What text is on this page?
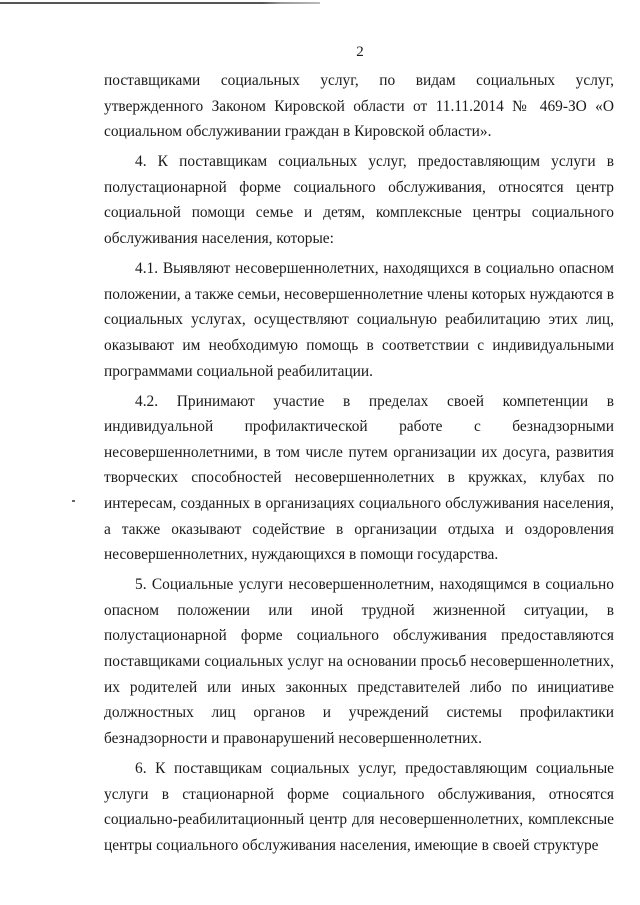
2

поставщиками социальных услуг, по видам социальных услуг, утвержденного Законом Кировской области от 11.11.2014 № 469-ЗО «О социальном обслуживании граждан в Кировской области».

4. К поставщикам социальных услуг, предоставляющим услуги в полустационарной форме социального обслуживания, относятся центр социальной помощи семье и детям, комплексные центры социального обслуживания населения, которые:

4.1. Выявляют несовершеннолетних, находящихся в социально опасном положении, а также семьи, несовершеннолетние члены которых нуждаются в социальных услугах, осуществляют социальную реабилитацию этих лиц, оказывают им необходимую помощь в соответствии с индивидуальными программами социальной реабилитации.

4.2. Принимают участие в пределах своей компетенции в индивидуальной профилактической работе с безнадзорными несовершеннолетними, в том числе путем организации их досуга, развития творческих способностей несовершеннолетних в кружках, клубах по интересам, созданных в организациях социального обслуживания населения, а также оказывают содействие в организации отдыха и оздоровления несовершеннолетних, нуждающихся в помощи государства.

5. Социальные услуги несовершеннолетним, находящимся в социально опасном положении или иной трудной жизненной ситуации, в полустационарной форме социального обслуживания предоставляются поставщиками социальных услуг на основании просьб несовершеннолетних, их родителей или иных законных представителей либо по инициативе должностных лиц органов и учреждений системы профилактики безнадзорности и правонарушений несовершеннолетних.

6. К поставщикам социальных услуг, предоставляющим социальные услуги в стационарной форме социального обслуживания, относятся социально-реабилитационный центр для несовершеннолетних, комплексные центры социального обслуживания населения, имеющие в своей структуре
